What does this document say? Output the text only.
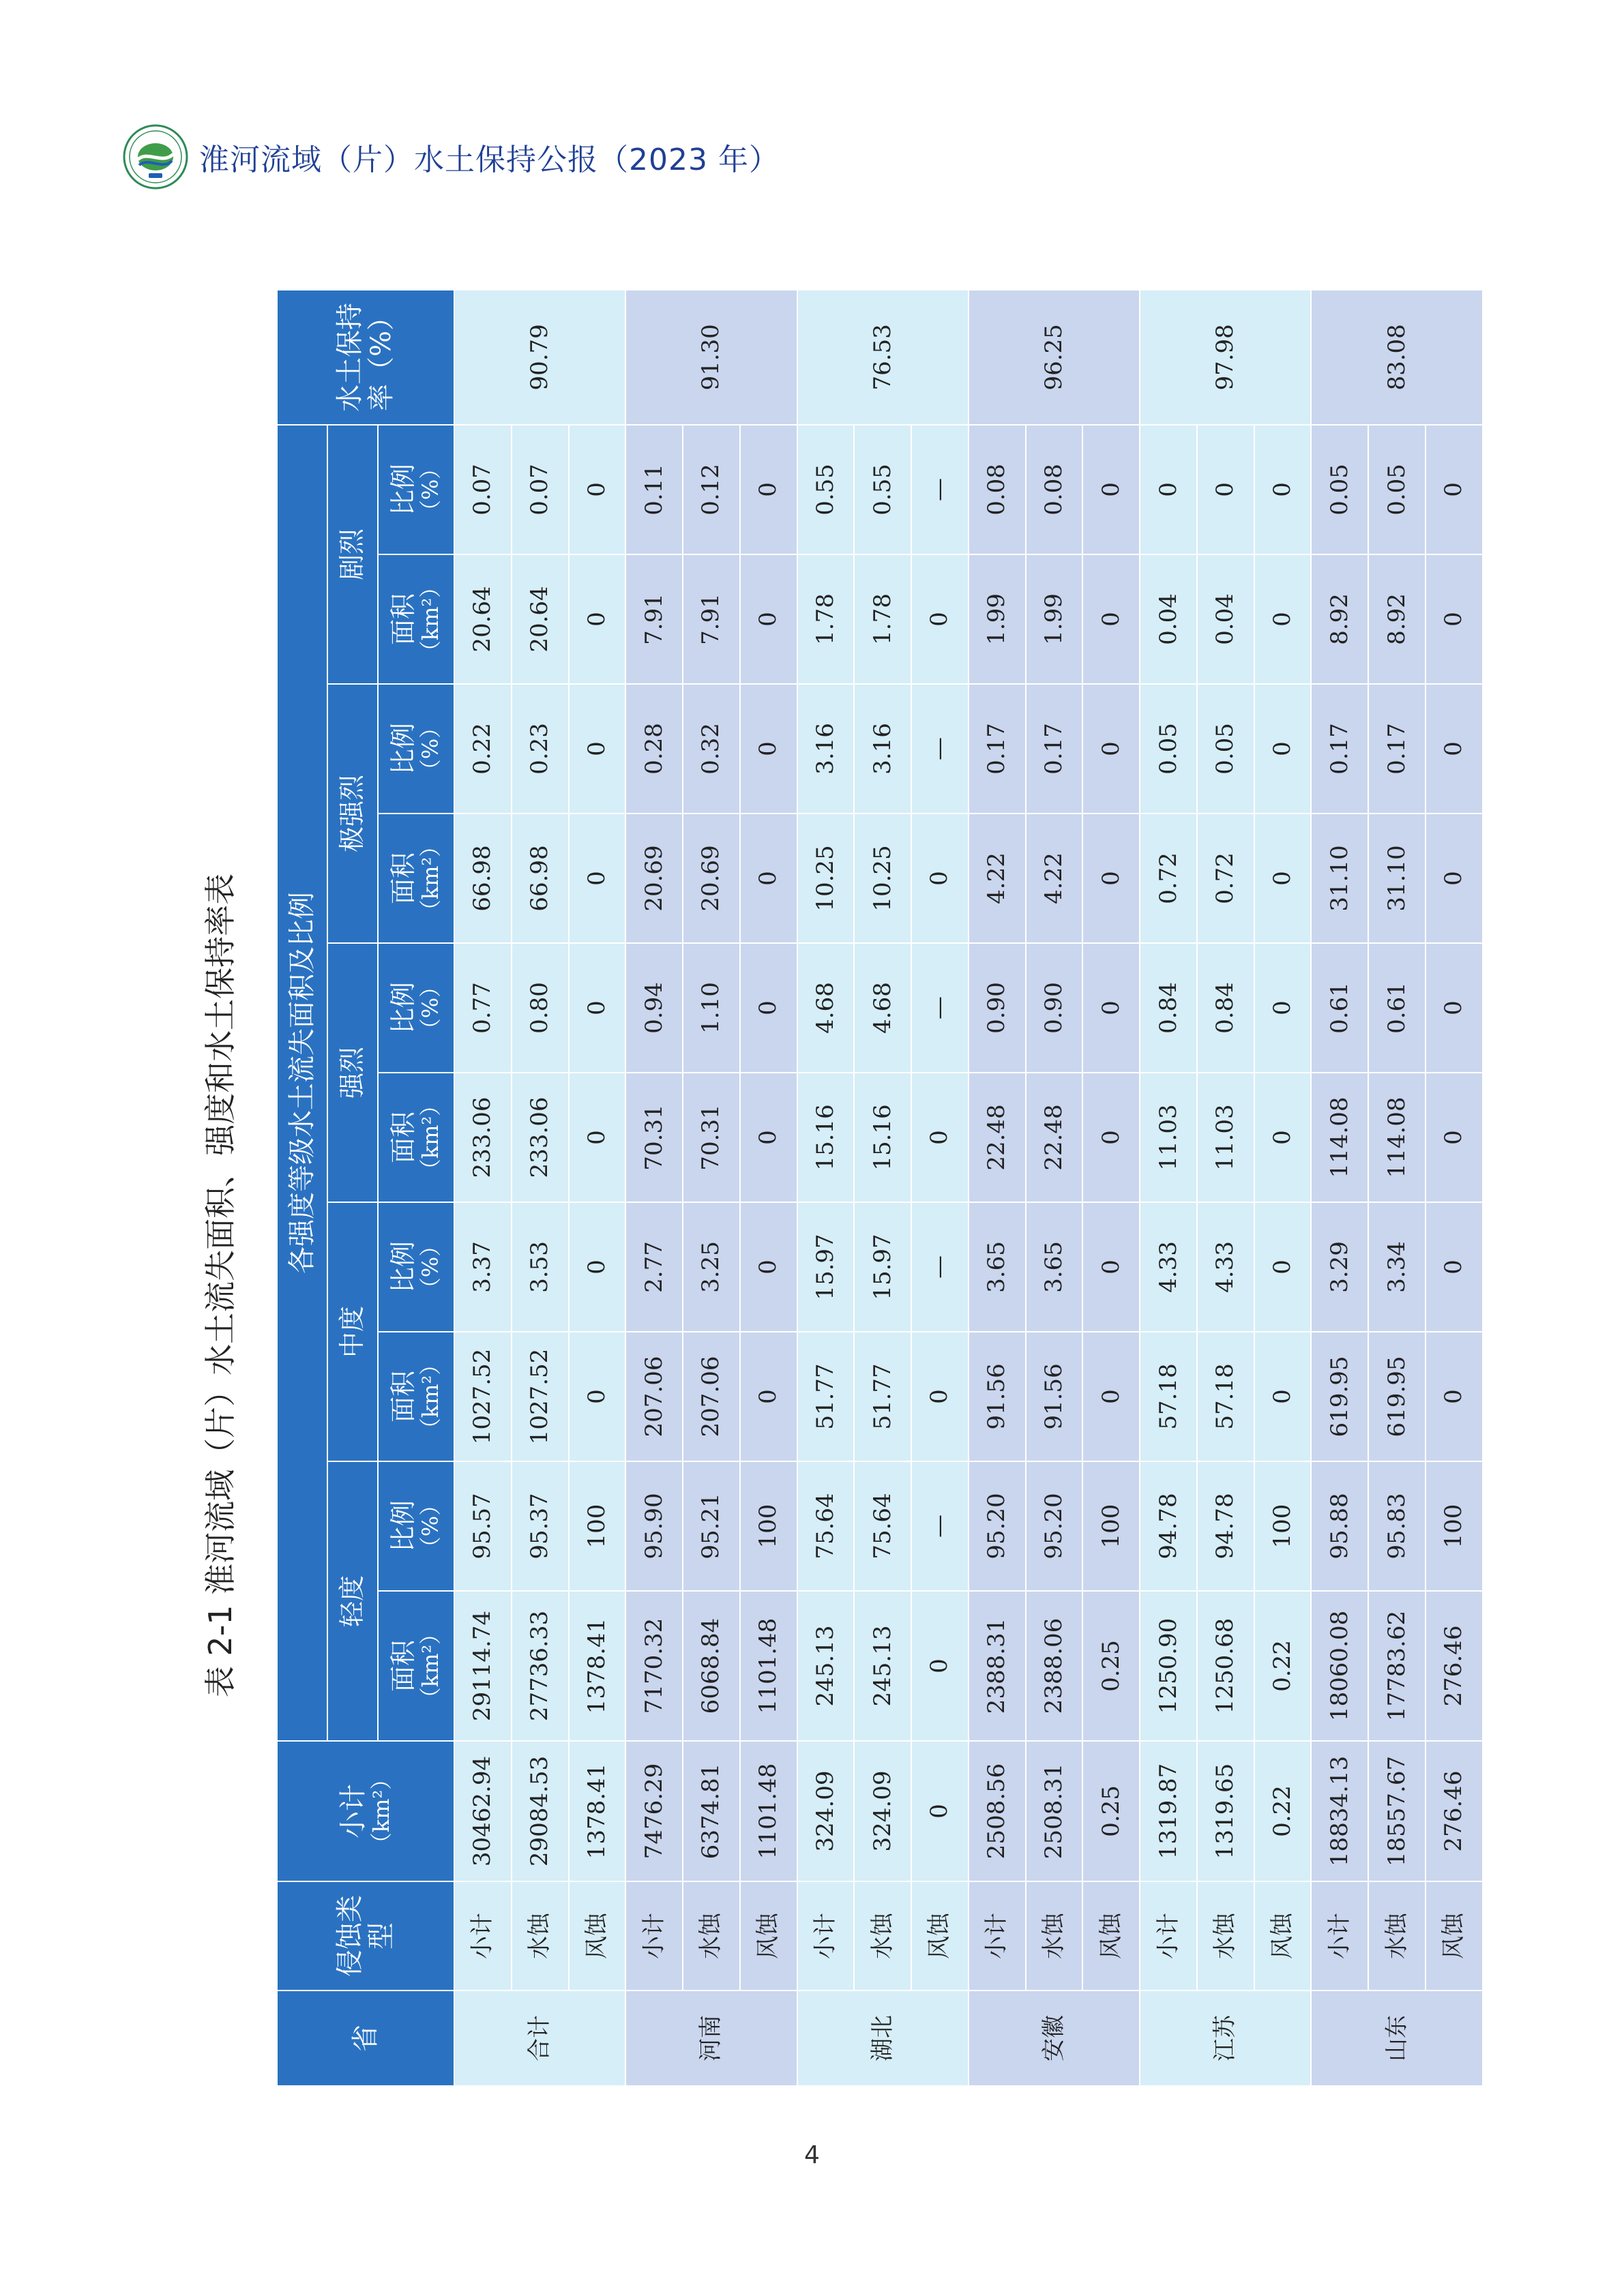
淮河流域（片）水土保持公报（2023 年）
表 2-1 淮河流域（片）水土流失面积、强度和水土保持率表
省	侵蚀类型	小计 （km²）	各强度等级水土流失面积及比例										水土保持率（%）
			轻度		中度		强烈		极强烈		剧烈		
			面积 （km²）	比例 （%）	面积 （km²）	比例 （%）	面积 （km²）	比例 （%）	面积 （km²）	比例 （%）	面积 （km²）	比例 （%）	

合计	小计	30462.94	29114.74	95.57	1027.52	3.37	233.06	0.77	66.98	0.22	20.64	0.07	90.79
	水蚀	29084.53	27736.33	95.37	1027.52	3.53	233.06	0.80	66.98	0.23	20.64	0.07	
	风蚀	1378.41	1378.41	100	0	0	0	0	0	0	0	0	
河南	小计	7476.29	7170.32	95.90	207.06	2.77	70.31	0.94	20.69	0.28	7.91	0.11	91.30
	水蚀	6374.81	6068.84	95.21	207.06	3.25	70.31	1.10	20.69	0.32	7.91	0.12	
	风蚀	1101.48	1101.48	100	0	0	0	0	0	0	0	0	
湖北	小计	324.09	245.13	75.64	51.77	15.97	15.16	4.68	10.25	3.16	1.78	0.55	76.53
	水蚀	324.09	245.13	75.64	51.77	15.97	15.16	4.68	10.25	3.16	1.78	0.55	
	风蚀	0	0	—	0	—	0	—	0	—	0	—	
安徽	小计	2508.56	2388.31	95.20	91.56	3.65	22.48	0.90	4.22	0.17	1.99	0.08	96.25
	水蚀	2508.31	2388.06	95.20	91.56	3.65	22.48	0.90	4.22	0.17	1.99	0.08	
	风蚀	0.25	0.25	100	0	0	0	0	0	0	0	0	
江苏	小计	1319.87	1250.90	94.78	57.18	4.33	11.03	0.84	0.72	0.05	0.04	0	97.98
	水蚀	1319.65	1250.68	94.78	57.18	4.33	11.03	0.84	0.72	0.05	0.04	0	
	风蚀	0.22	0.22	100	0	0	0	0	0	0	0	0	
山东	小计	18834.13	18060.08	95.88	619.95	3.29	114.08	0.61	31.10	0.17	8.92	0.05	83.08
	水蚀	18557.67	17783.62	95.83	619.95	3.34	114.08	0.61	31.10	0.17	8.92	0.05	
	风蚀	276.46	276.46	100	0	0	0	0	0	0	0	0	
4
